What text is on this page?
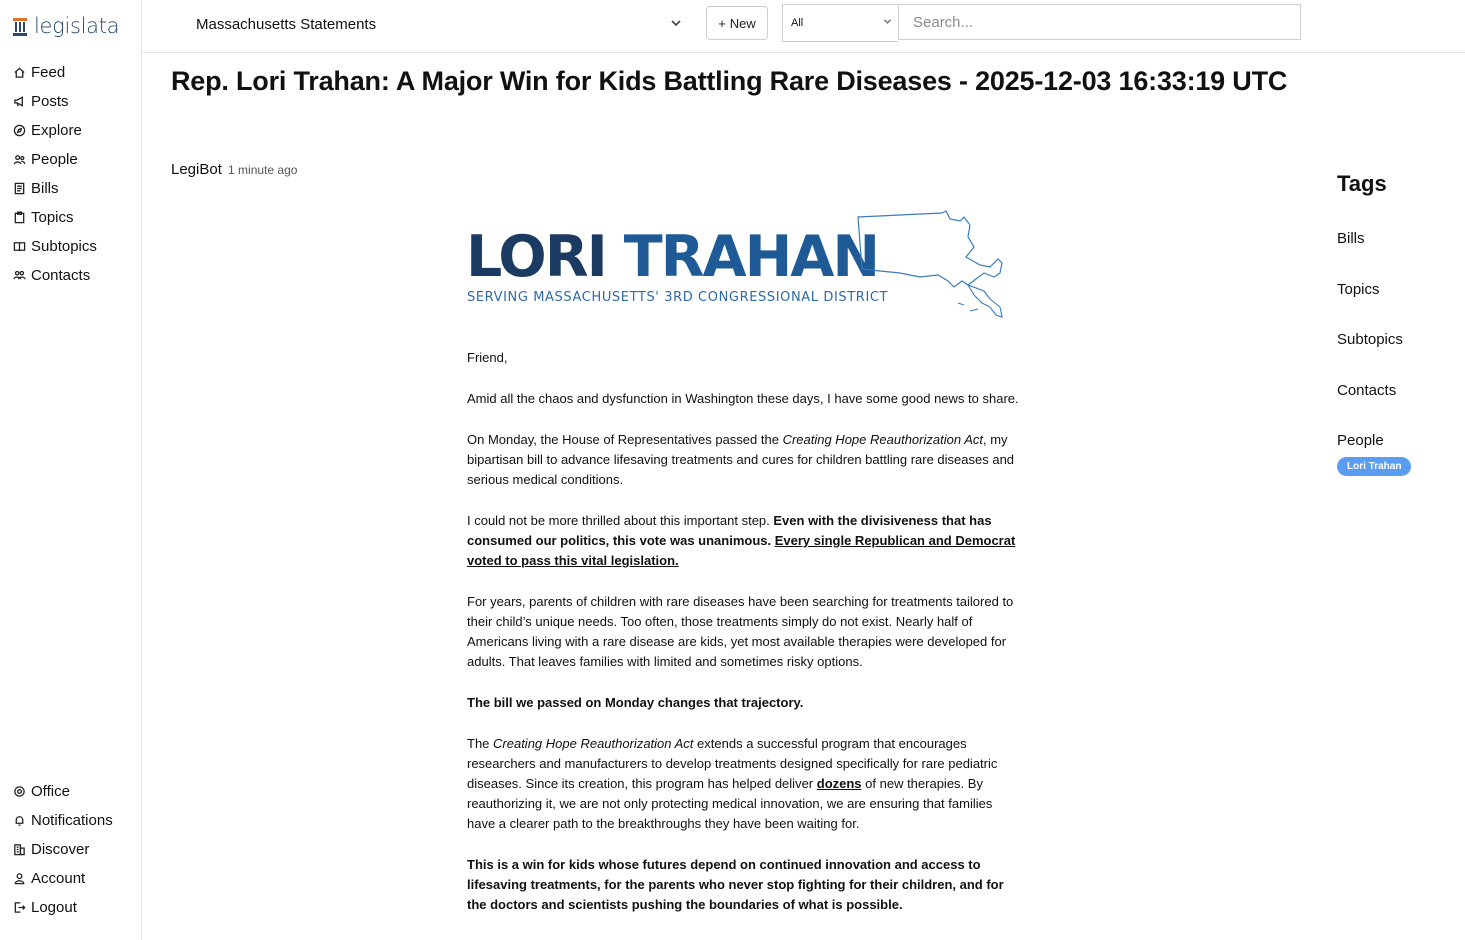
legislata
Feed
Posts
Explore
People
Bills
Topics
Subtopics
Contacts
Office
Notifications
Discover
Account
Logout
Massachusetts Statements	+ New	All
Search...
Rep. Lori Trahan: A Major Win for Kids Battling Rare Diseases - 2025-12-03 16:33:19 UTC
LegiBot 1 minute ago
LORI TRAHAN
SERVING MASSACHUSETTS' 3RD CONGRESSIONAL DISTRICT

Friend,

Amid all the chaos and dysfunction in Washington these days, I have some good news to share.

On Monday, the House of Representatives passed the Creating Hope Reauthorization Act, my bipartisan bill to advance lifesaving treatments and cures for children battling rare diseases and serious medical conditions.

I could not be more thrilled about this important step. Even with the divisiveness that has consumed our politics, this vote was unanimous. Every single Republican and Democrat voted to pass this vital legislation.

For years, parents of children with rare diseases have been searching for treatments tailored to their child’s unique needs. Too often, those treatments simply do not exist. Nearly half of Americans living with a rare disease are kids, yet most available therapies were developed for adults. That leaves families with limited and sometimes risky options.

The bill we passed on Monday changes that trajectory.

The Creating Hope Reauthorization Act extends a successful program that encourages researchers and manufacturers to develop treatments designed specifically for rare pediatric diseases. Since its creation, this program has helped deliver dozens of new therapies. By reauthorizing it, we are not only protecting medical innovation, we are ensuring that families have a clearer path to the breakthroughs they have been waiting for.

This is a win for kids whose futures depend on continued innovation and access to lifesaving treatments, for the parents who never stop fighting for their children, and for the doctors and scientists pushing the boundaries of what is possible.

Tags
Bills
Topics
Subtopics
Contacts
People
Lori Trahan
